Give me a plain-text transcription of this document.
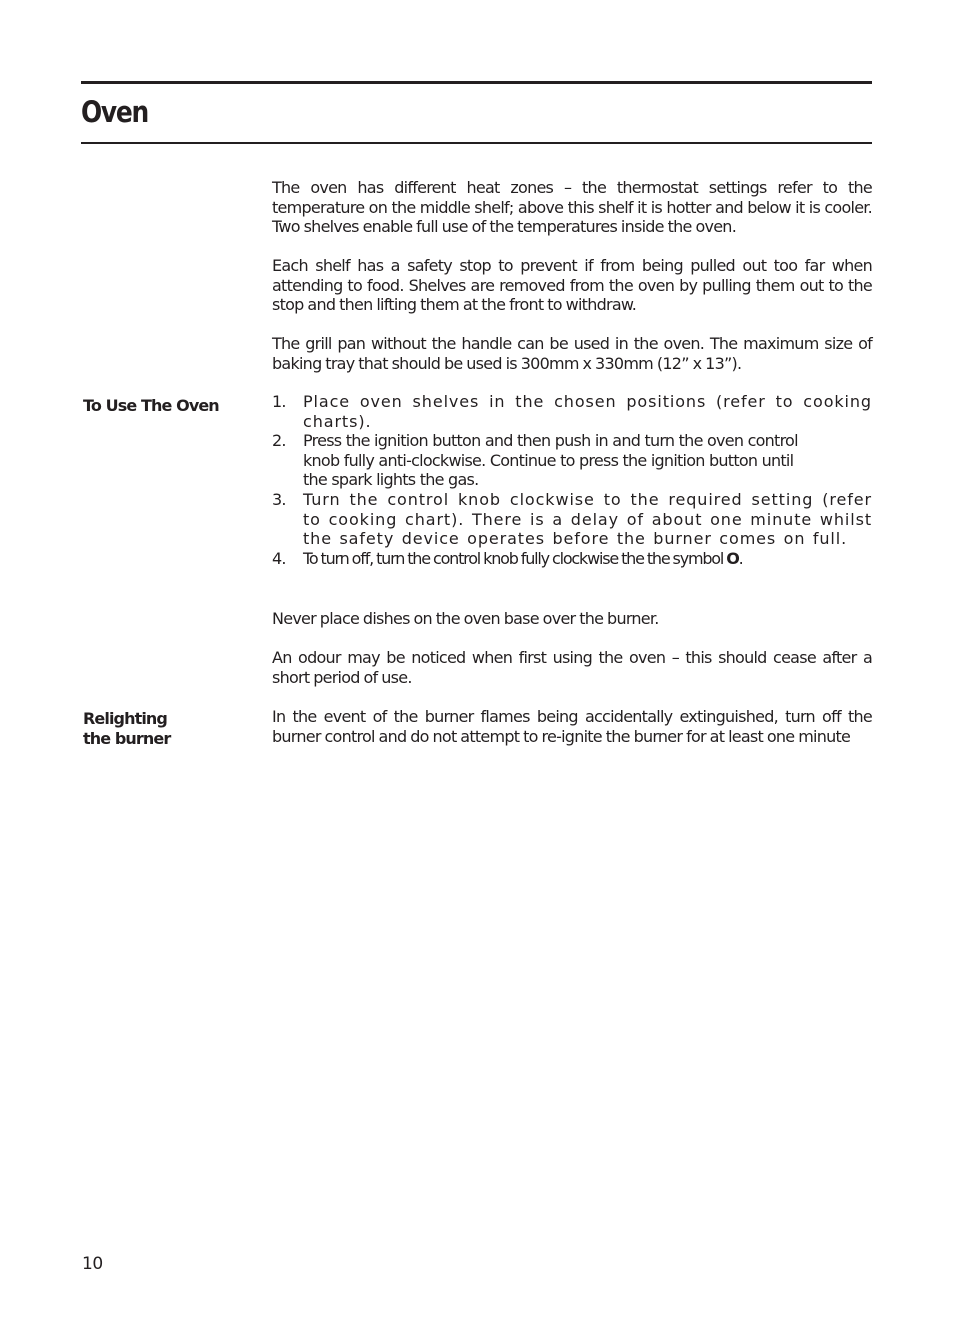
Oven

The oven has different heat zones – the thermostat settings refer to the temperature on the middle shelf; above this shelf it is hotter and below it is cooler. Two shelves enable full use of the temperatures inside the oven.

Each shelf has a safety stop to prevent if from being pulled out too far when attending to food. Shelves are removed from the oven by pulling them out to the stop and then lifting them at the front to withdraw.

The grill pan without the handle can be used in the oven. The maximum size of baking tray that should be used is 300mm x 330mm (12” x 13”).

To Use The Oven	1. Place oven shelves in the chosen positions (refer to cooking charts).
2. Press the ignition button and then push in and turn the oven control knob fully anti-clockwise. Continue to press the ignition button until the spark lights the gas.
3. Turn the control knob clockwise to the required setting (refer to cooking chart). There is a delay of about one minute whilst the safety device operates before the burner comes on full.
4. To turn off, turn the control knob fully clockwise the the symbol O.

Never place dishes on the oven base over the burner.

An odour may be noticed when first using the oven – this should cease after a short period of use.

Relighting
the burner

In the event of the burner flames being accidentally extinguished, turn off the burner control and do not attempt to re-ignite the burner for at least one minute

10
